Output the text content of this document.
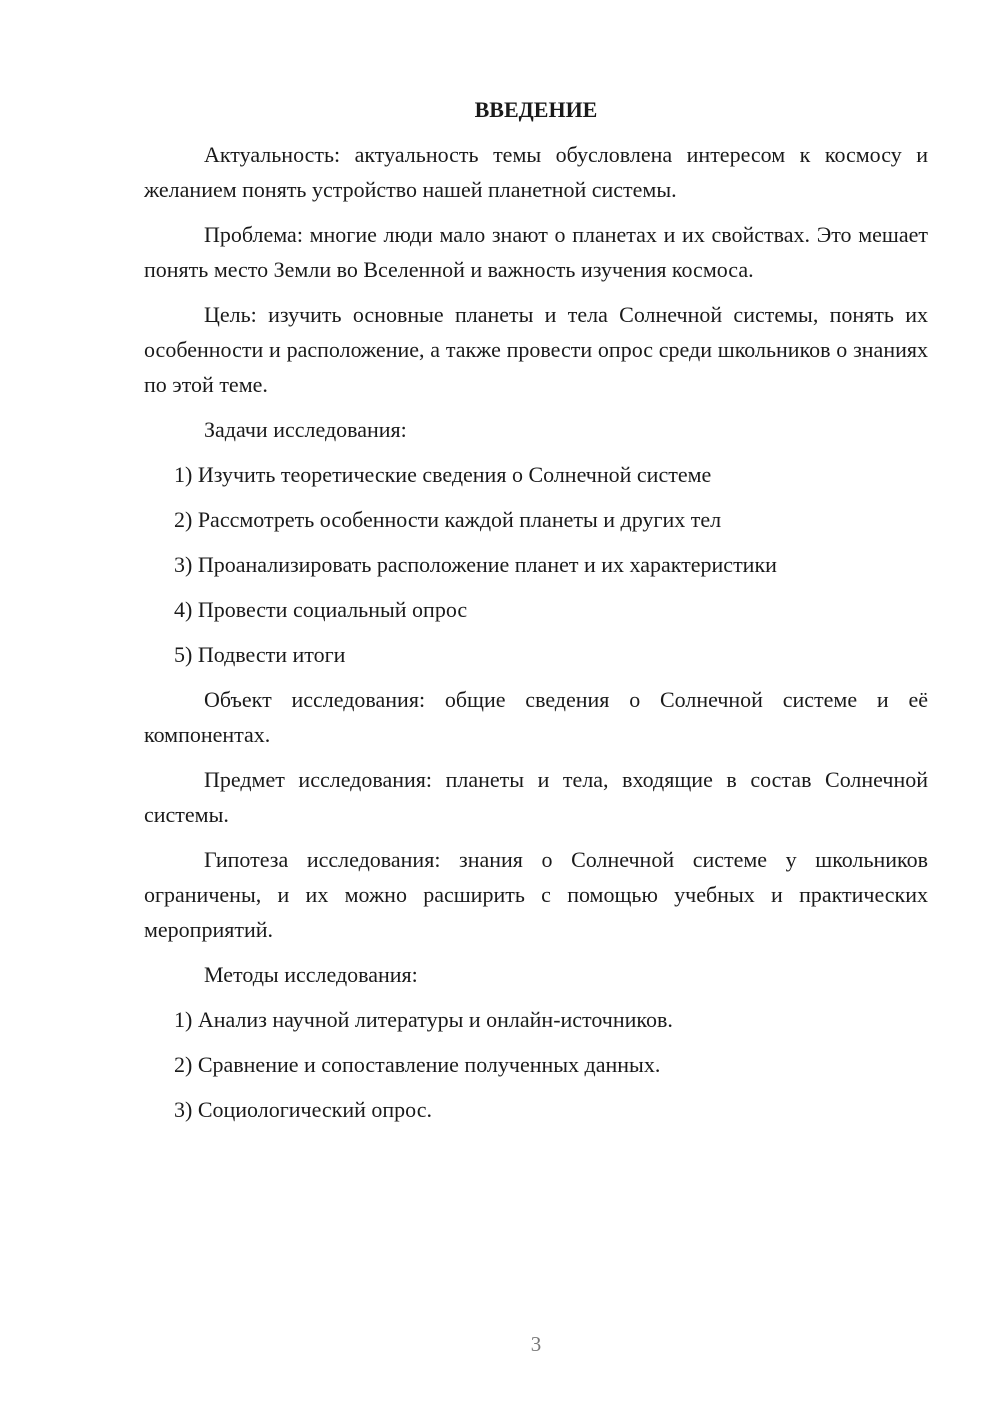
ВВЕДЕНИЕ

Актуальность: актуальность темы обусловлена интересом к космосу и желанием понять устройство нашей планетной системы.

Проблема: многие люди мало знают о планетах и их свойствах. Это мешает понять место Земли во Вселенной и важность изучения космоса.

Цель: изучить основные планеты и тела Солнечной системы, понять их особенности и расположение, а также провести опрос среди школьников о знаниях по этой теме.

Задачи исследования:

1) Изучить теоретические сведения о Солнечной системе
2) Рассмотреть особенности каждой планеты и других тел
3) Проанализировать расположение планет и их характеристики
4) Провести социальный опрос
5) Подвести итоги

Объект исследования: общие сведения о Солнечной системе и её компонентах.

Предмет исследования: планеты и тела, входящие в состав Солнечной системы.

Гипотеза исследования: знания о Солнечной системе у школьников ограничены, и их можно расширить с помощью учебных и практических мероприятий.

Методы исследования:

1) Анализ научной литературы и онлайн-источников.
2) Сравнение и сопоставление полученных данных.
3) Социологический опрос.
3
